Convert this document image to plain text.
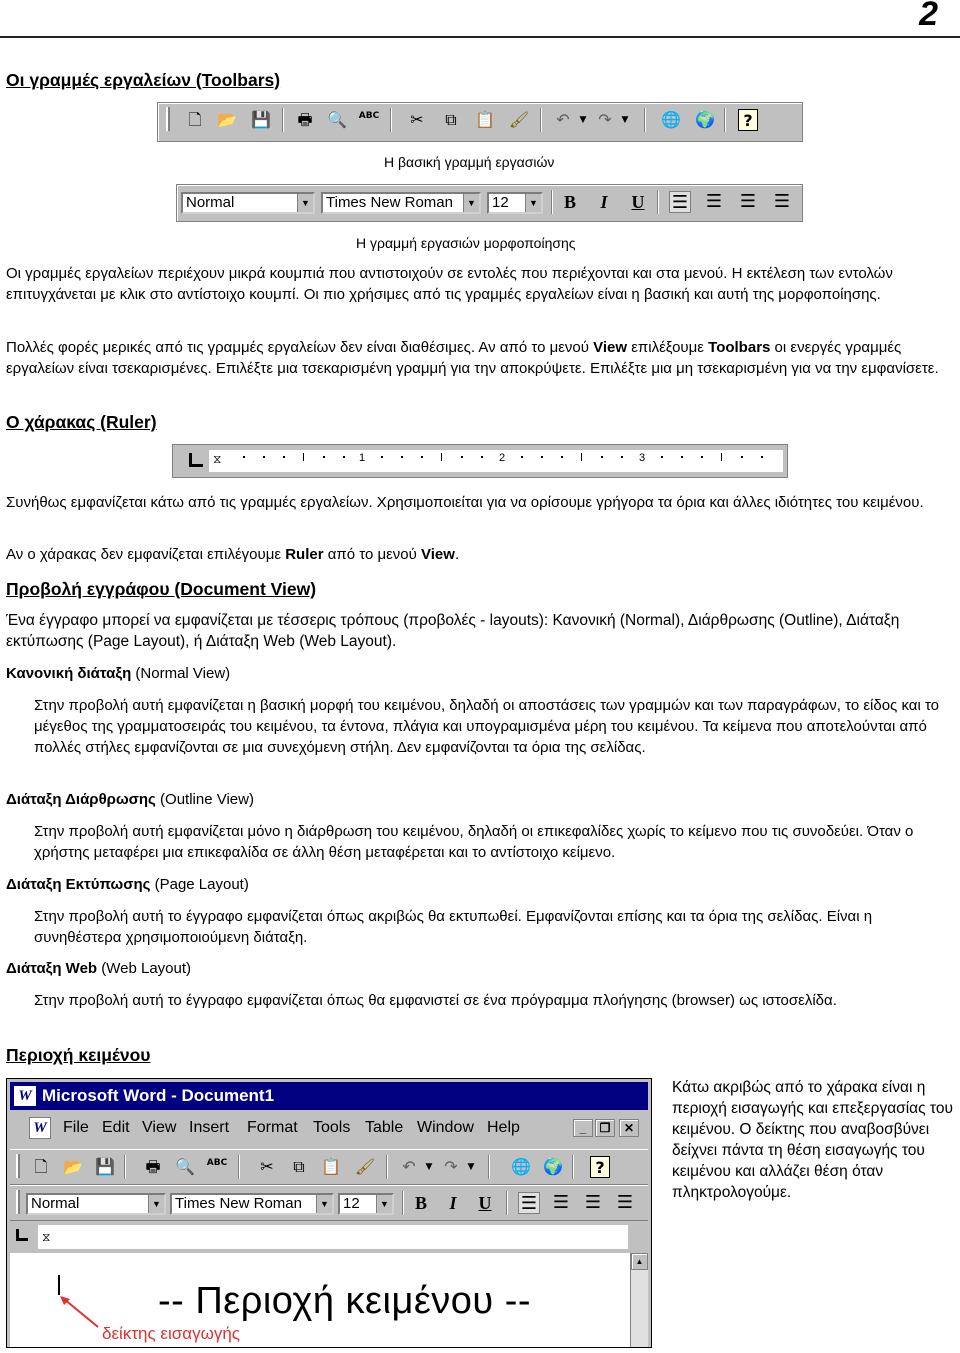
2
Οι γραμμές εργαλείων (Toolbars)
🗋 📂 💾 🖶 🔍 ABC ✂	⧉	📋 🖌 ↶	▼ ↷	▼	🌐 🌍	?
Η βασική γραμμή εργασιών
Normal	▼	Times New Roman	▼	12	▼ B	I	U ☰ ☰ ☰ ☰
Η γραμμή εργασιών μορφοποίησης
Οι γραμμές εργαλείων περιέχουν μικρά κουμπιά που αντιστοιχούν σε εντολές που περιέχονται και στα μενού. Η εκτέλεση των εντολών επιτυγχάνεται με κλικ στο αντίστοιχο κουμπί. Οι πιο χρήσιμες από τις γραμμές εργαλείων είναι η βασική και αυτή της μορφοποίησης.
Πολλές φορές μερικές από τις γραμμές εργαλείων δεν είναι διαθέσιμες. Αν από το μενού View επιλέξουμε Toolbars οι ενεργές γραμμές εργαλείων είναι τσεκαρισμένες. Επιλέξτε μια τσεκαρισμένη γραμμή για την αποκρύψετε. Επιλέξτε μια μη τσεκαρισμένη για να την εμφανίσετε.
Ο χάρακας (Ruler)
⧖	1	2	3
Συνήθως εμφανίζεται κάτω από τις γραμμές εργαλείων. Χρησιμοποιείται για να ορίσουμε γρήγορα τα όρια και άλλες ιδιότητες του κειμένου.
Αν ο χάρακας δεν εμφανίζεται επιλέγουμε Ruler από το μενού View.
Προβολή εγγράφου (Document View)
Ένα έγγραφο μπορεί να εμφανίζεται με τέσσερις τρόπους (προβολές - layouts): Κανονική (Normal), Διάρθρωσης (Outline), Διάταξη εκτύπωσης (Page Layout), ή Διάταξη Web (Web Layout).
Κανονική διάταξη (Normal View)
Στην προβολή αυτή εμφανίζεται η βασική μορφή του κειμένου, δηλαδή οι αποστάσεις των γραμμών και των παραγράφων, το είδος και το μέγεθος της γραμματοσειράς του κειμένου, τα έντονα, πλάγια και υπογραμισμένα μέρη του κειμένου. Τα κείμενα που αποτελούνται από πολλές στήλες εμφανίζονται σε μια συνεχόμενη στήλη. Δεν εμφανίζονται τα όρια της σελίδας.
Διάταξη Διάρθρωσης (Outline View)
Στην προβολή αυτή εμφανίζεται μόνο η διάρθρωση του κειμένου, δηλαδή οι επικεφαλίδες χωρίς το κείμενο που τις συνοδεύει. Όταν ο χρήστης μεταφέρει μια επικεφαλίδα σε άλλη θέση μεταφέρεται και το αντίστοιχο κείμενο.
Διάταξη Εκτύπωσης (Page Layout)
Στην προβολή αυτή το έγγραφο εμφανίζεται όπως ακριβώς θα εκτυπωθεί. Εμφανίζονται επίσης και τα όρια της σελίδας. Είναι η συνηθέστερα χρησιμοποιούμενη διάταξη.
Διάταξη Web (Web Layout)
Στην προβολή αυτή το έγγραφο εμφανίζεται όπως θα εμφανιστεί σε ένα πρόγραμμα πλοήγησης (browser) ως ιστοσελίδα.
Περιοχή κειμένου
W Microsoft Word - Document1
W File Edit View Insert Format Tools Table Window Help	_	❐	✕
🗋 📂 💾 🖶 🔍 ABC ✂	⧉	📋 🖌 ↶	▼ ↷	▼	🌐 🌍	?
Normal	▼ Times New Roman	▼ 12	▼ B	I	U ☰ ☰ ☰ ☰
⧖
▲
-- Περιοχή κειμένου --
δείκτης εισαγωγής
Κάτω ακριβώς από το χάρακα είναι η περιοχή εισαγωγής και επεξεργασίας του κειμένου. Ο δείκτης που αναβοσβύνει δείχνει πάντα τη θέση εισαγωγής του κειμένου και αλλάζει θέση όταν πληκτρολογούμε.
